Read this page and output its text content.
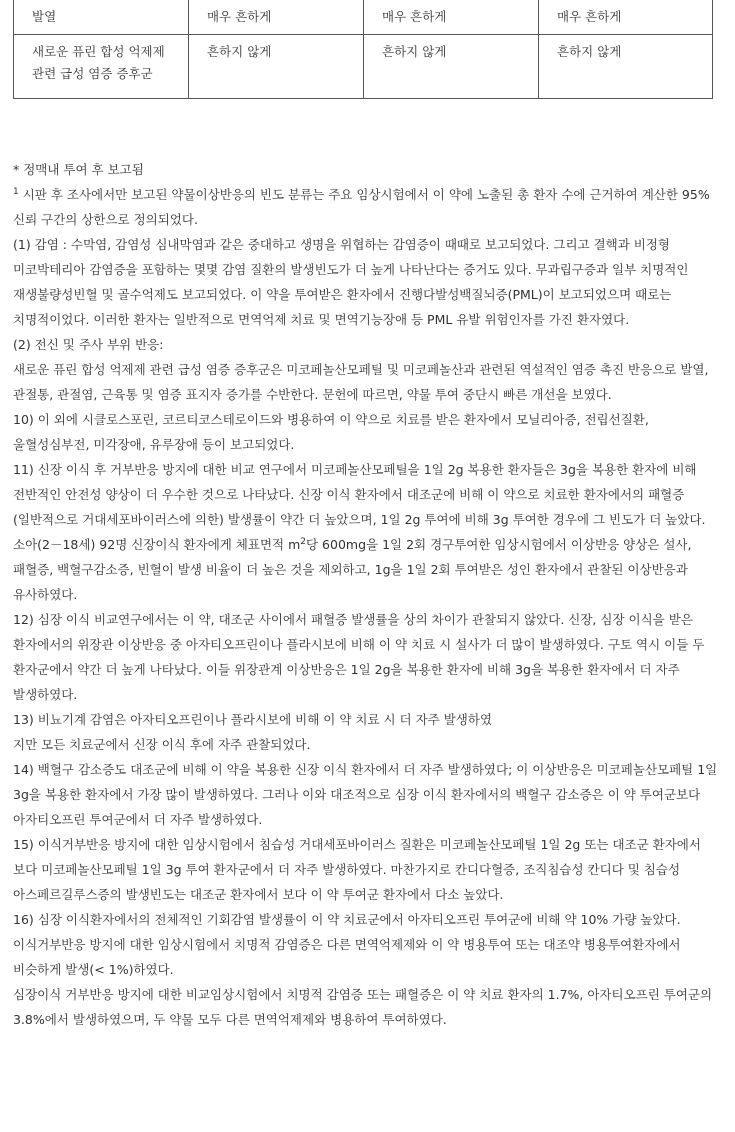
발열	매우 흔하게	매우 흔하게	매우 흔하게
새로운 퓨린 합성 억제제 관련 급성 염증 증후군	흔하지 않게	흔하지 않게	흔하지 않게

* 정맥내 투여 후 보고됨

$^1$ 시판 후 조사에서만 보고된 약물이상반응의 빈도 분류는 주요 임상시험에서 이 약에 노출된 총 환자 수에 근거하여 계산한 95% 신뢰 구간의 상한으로 정의되었다.

(1) 감염 : 수막염, 감염성 심내막염과 같은 중대하고 생명을 위협하는 감염증이 때때로 보고되었다. 그리고 결핵과 비정형 미코박테리아 감염증을 포함하는 몇몇 감염 질환의 발생빈도가 더 높게 나타난다는 증거도 있다. 무과립구증과 일부 치명적인 재생불량성빈혈 및 골수억제도 보고되었다. 이 약을 투여받은 환자에서 진행다발성백질뇌증(PML)이 보고되었으며 때로는 치명적이었다. 이러한 환자는 일반적으로 면역억제 치료 및 면역기능장애 등 PML 유발 위험인자를 가진 환자였다.

(2) 전신 및 주사 부위 반응:

새로운 퓨린 합성 억제제 관련 급성 염증 증후군은 미코페놀산모페틸 및 미코페놀산과 관련된 역설적인 염증 촉진 반응으로 발열, 관절통, 관절염, 근육통 및 염증 표지자 증가를 수반한다. 문헌에 따르면, 약물 투여 중단시 빠른 개선을 보였다.

10) 이 외에 시클로스포린, 코르티코스테로이드와 병용하여 이 약으로 치료를 받은 환자에서 모닐리아증, 전립선질환, 울혈성심부전, 미각장애, 유루장애 등이 보고되었다.

11) 신장 이식 후 거부반응 방지에 대한 비교 연구에서 미코페놀산모페틸을 1일 2g 복용한 환자들은 3g을 복용한 환자에 비해 전반적인 안전성 양상이 더 우수한 것으로 나타났다. 신장 이식 환자에서 대조군에 비해 이 약으로 치료한 환자에서의 패혈증(일반적으로 거대세포바이러스에 의한) 발생률이 약간 더 높았으며, 1일 2g 투여에 비해 3g 투여한 경우에 그 빈도가 더 높았다.

소아(2－18세) 92명 신장이식 환자에게 체표면적 $m^2$당 600mg을 1일 2회 경구투여한 임상시험에서 이상반응 양상은 설사, 패혈증, 백혈구감소증, 빈혈이 발생 비율이 더 높은 것을 제외하고, 1g을 1일 2회 투여받은 성인 환자에서 관찰된 이상반응과 유사하였다.

12) 심장 이식 비교연구에서는 이 약, 대조군 사이에서 패혈증 발생률을 상의 차이가 관찰되지 않았다. 신장, 심장 이식을 받은 환자에서의 위장관 이상반응 중 아자티오프린이나 플라시보에 비해 이 약 치료 시 설사가 더 많이 발생하였다. 구토 역시 이들 두 환자군에서 약간 더 높게 나타났다. 이들 위장관계 이상반응은 1일 2g을 복용한 환자에 비해 3g을 복용한 환자에서 더 자주 발생하였다.

13) 비뇨기계 감염은 아자티오프린이나 플라시보에 비해 이 약 치료 시 더 자주 발생하였

지만 모든 치료군에서 신장 이식 후에 자주 관찰되었다.

14) 백혈구 감소증도 대조군에 비해 이 약을 복용한 신장 이식 환자에서 더 자주 발생하였다; 이 이상반응은 미코페놀산모페틸 1일 3g을 복용한 환자에서 가장 많이 발생하였다. 그러나 이와 대조적으로 심장 이식 환자에서의 백혈구 감소증은 이 약 투여군보다 아자티오프린 투여군에서 더 자주 발생하였다.

15) 이식거부반응 방지에 대한 임상시험에서 침습성 거대세포바이러스 질환은 미코페놀산모페틸 1일 2g 또는 대조군 환자에서 보다 미코페놀산모페틸 1일 3g 투여 환자군에서 더 자주 발생하였다. 마찬가지로 칸디다혈증, 조직침습성 칸디다 및 침습성 아스페르길루스증의 발생빈도는 대조군 환자에서 보다 이 약 투여군 환자에서 다소 높았다.

16) 심장 이식환자에서의 전체적인 기회감염 발생률이 이 약 치료군에서 아자티오프린 투여군에 비해 약 10% 가량 높았다.

이식거부반응 방지에 대한 임상시험에서 치명적 감염증은 다른 면역억제제와 이 약 병용투여 또는 대조약 병용투여환자에서 비슷하게 발생(< 1%)하였다.

심장이식 거부반응 방지에 대한 비교임상시험에서 치명적 감염증 또는 패혈증은 이 약 치료 환자의 1.7%, 아자티오프린 투여군의 3.8%에서 발생하였으며, 두 약물 모두 다른 면역억제제와 병용하여 투여하였다.
